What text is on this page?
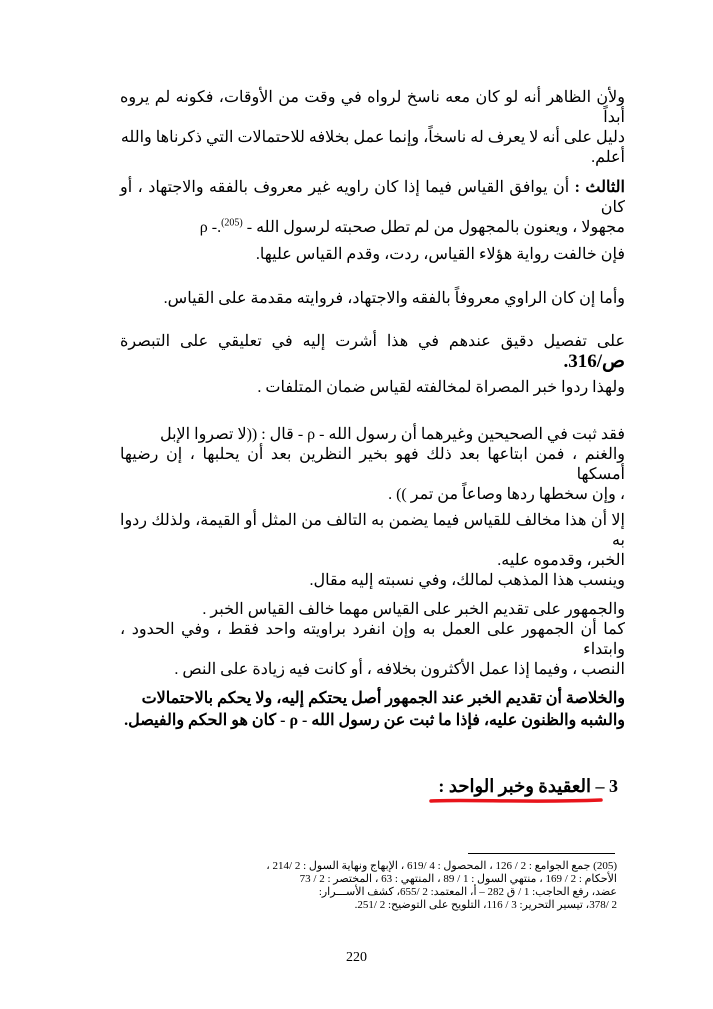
ولأن الظاهر أنه لو كان معه ناسخ لرواه في وقت من الأوقات، فكونه لم يروه أبداً

دليل على أنه لا يعرف له ناسخاً، وإنما عمل بخلافه للاحتمالات التي ذكرناها والله

أعلم.

الثالث : أن يوافق القياس فيما إذا كان راويه غير معروف بالفقه والاجتهاد ، أو كان

مجهولا ، ويعنون بالمجهول من لم تطل صحبته لرسول الله - ρ -.$^{(205)}$

فإن خالفت رواية هؤلاء القياس، ردت، وقدم القياس عليها.

وأما إن كان الراوي معروفاً بالفقه والاجتهاد، فروايته مقدمة على القياس.

على تفصيل دقيق عندهم في هذا أشرت إليه في تعليقي على التبصرة ص/316.

ولهذا ردوا خبر المصراة لمخالفته لقياس ضمان المتلفات .

فقد ثبت في الصحيحين وغيرهما أن رسول الله - ρ - قال : ((لا تصروا الإبل

والغنم ، فمن ابتاعها بعد ذلك فهو بخير النظرين بعد أن يحلبها ، إن رضيها أمسكها

، وإن سخطها ردها وصاعاً من تمر )) .

إلا أن هذا مخالف للقياس فيما يضمن به التالف من المثل أو القيمة، ولذلك ردوا به

الخبر، وقدموه عليه.

وينسب هذا المذهب لمالك، وفي نسبته إليه مقال.

والجمهور على تقديم الخبر على القياس مهما خالف القياس الخبر .

كما أن الجمهور على العمل به وإن انفرد براويته واحد فقط ، وفي الحدود ، وابتداء

النصب ، وفيما إذا عمل الأكثرون بخلافه ، أو كانت فيه زيادة على النص .

والخلاصة أن تقديم الخبر عند الجمهور أصل يحتكم إليه، ولا يحكم بالاحتمالات

والشبه والظنون عليه، فإذا ما ثبت عن رسول الله - ρ - كان هو الحكم والفيصل.

3 – العقيدة وخبر الواحد :

(205) جمع الجوامع : 2 / 126 ، المحصول : 4 /619 ، الإبهاج ونهاية السول : 2 /214 ،

الأحكام : 2 / 169 ، منتهي السول : 1 / 89 ، المنتهي : 63 ، المختصر : 2 / 73

عضد، رفع الحاجب: 1 / ق 282 – أ، المعتمد: 2 /655، كشف الأســـرار:

2 /378، تيسير التحرير: 3 / 116، التلويح على التوضيح: 2 /251.

220
